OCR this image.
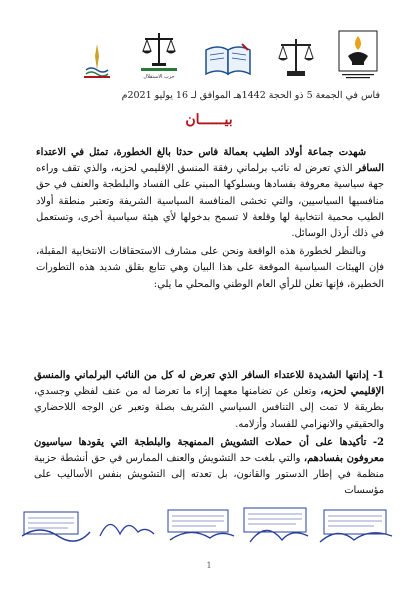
حزب الاستقلال
فاس في الجمعة 5 ذو الحجة 1442هـ الموافق لـ 16 يوليو 2021م
بيــــــان

شهدت جماعة أولاد الطيب بعمالة فاس حدثا بالغ الخطورة، تمثل في الاعتداء السافر الذي تعرض له نائب برلماني رفقة المنسق الإقليمي لحزبه، والذي تقف وراءه جهة سياسية معروفة بفسادها وبسلوكها المبني على الفساد والبلطجة والعنف في حق منافسيها السياسيين، والتي تخشى المنافسة السياسية الشريفة وتعتبر منطقة أولاد الطيب محمية انتخابية لها وقلعة لا تسمح بدخولها لأي هيئة سياسية أخرى، وتستعمل في ذلك أرذل الوسائل.

وبالنظر لخطورة هذه الواقعة ونحن على مشارف الاستحقاقات الانتخابية المقبلة، فإن الهيئات السياسية الموقعة على هذا البيان وهي تتابع بقلق شديد هذه التطورات الخطيرة، فإنها تعلن للرأي العام الوطني والمحلي ما يلي:

1- إدانتها الشديدة للاعتداء السافر الذي تعرض له كل من النائب البرلماني والمنسق الإقليمي لحزبه، وتعلن عن تضامنها معهما إزاء ما تعرضا له من عنف لفظي وجسدي، بطريقة لا تمت إلى التنافس السياسي الشريف بصلة وتعبر عن الوجه اللاحضاري والحقيقي والانهزامي للفساد وأزلامه.

2- تأكيدها على أن حملات التشويش الممنهجة والبلطجة التي يقودها سياسيون معروفون بفسادهم، والتي بلغت حد التشويش والعنف الممارس في حق أنشطة حزبية منظمة في إطار الدستور والقانون، بل تعدته إلى التشويش بنفس الأساليب على مؤسسات

1
